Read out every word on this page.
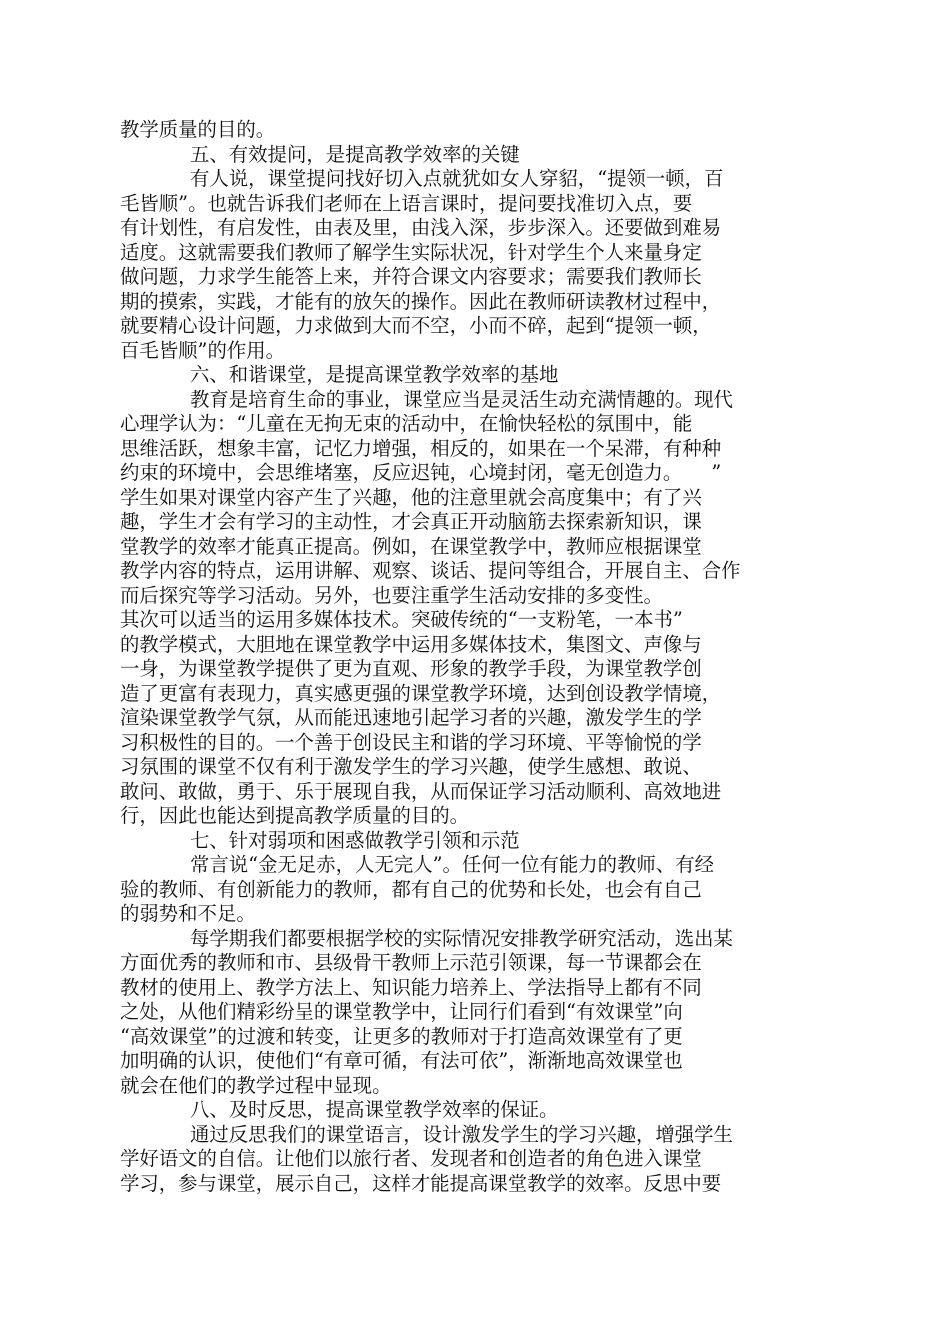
教学质量的目的。
五、有效提问，是提高教学效率的关键
有人说，课堂提问找好切入点就犹如女人穿貂，“提领一顿，百
毛皆顺”。也就告诉我们老师在上语言课时，提问要找准切入点，要
有计划性，有启发性，由表及里，由浅入深，步步深入。还要做到难易
适度。这就需要我们教师了解学生实际状况，针对学生个人来量身定
做问题，力求学生能答上来，并符合课文内容要求；需要我们教师长
期的摸索，实践，才能有的放矢的操作。因此在教师研读教材过程中，
就要精心设计问题，力求做到大而不空，小而不碎，起到“提领一顿，
百毛皆顺”的作用。
六、和谐课堂，是提高课堂教学效率的基地
教育是培育生命的事业，课堂应当是灵活生动充满情趣的。现代
心理学认为：“儿童在无拘无束的活动中，在愉快轻松的氛围中，能
思维活跃，想象丰富，记忆力增强，相反的，如果在一个呆滞，有种种
约束的环境中，会思维堵塞，反应迟钝，心境封闭，毫无创造力。　　”
学生如果对课堂内容产生了兴趣，他的注意里就会高度集中；有了兴
趣，学生才会有学习的主动性，才会真正开动脑筋去探索新知识，课
堂教学的效率才能真正提高。例如，在课堂教学中，教师应根据课堂
教学内容的特点，运用讲解、观察、谈话、提问等组合，开展自主、合作
而后探究等学习活动。另外，也要注重学生活动安排的多变性。
其次可以适当的运用多媒体技术。突破传统的“一支粉笔，一本书”
的教学模式，大胆地在课堂教学中运用多媒体技术，集图文、声像与
一身，为课堂教学提供了更为直观、形象的教学手段，为课堂教学创
造了更富有表现力，真实感更强的课堂教学环境，达到创设教学情境，
渲染课堂教学气氛，从而能迅速地引起学习者的兴趣，激发学生的学
习积极性的目的。一个善于创设民主和谐的学习环境、平等愉悦的学
习氛围的课堂不仅有利于激发学生的学习兴趣，使学生感想、敢说、
敢问、敢做，勇于、乐于展现自我，从而保证学习活动顺利、高效地进
行，因此也能达到提高教学质量的目的。
七、针对弱项和困惑做教学引领和示范
常言说“金无足赤，人无完人”。任何一位有能力的教师、有经
验的教师、有创新能力的教师，都有自己的优势和长处，也会有自己
的弱势和不足。
每学期我们都要根据学校的实际情况安排教学研究活动，选出某
方面优秀的教师和市、县级骨干教师上示范引领课，每一节课都会在
教材的使用上、教学方法上、知识能力培养上、学法指导上都有不同
之处，从他们精彩纷呈的课堂教学中，让同行们看到“有效课堂”向
“高效课堂”的过渡和转变，让更多的教师对于打造高效课堂有了更
加明确的认识，使他们“有章可循，有法可依”，渐渐地高效课堂也
就会在他们的教学过程中显现。
八、及时反思，提高课堂教学效率的保证。
通过反思我们的课堂语言，设计激发学生的学习兴趣，增强学生
学好语文的自信。让他们以旅行者、发现者和创造者的角色进入课堂
学习，参与课堂，展示自己，这样才能提高课堂教学的效率。反思中要
